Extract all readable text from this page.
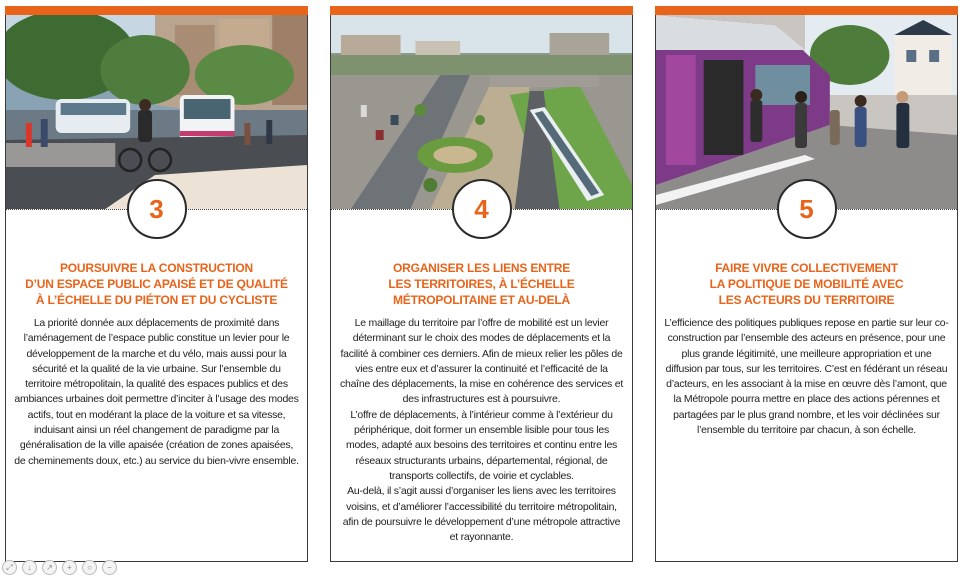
3
POURSUIVRE LA CONSTRUCTION
D’UN ESPACE PUBLIC APAISÉ ET DE QUALITÉ
À L’ÉCHELLE DU PIÉTON ET DU CYCLISTE

La priorité donnée aux déplacements de proximité dans l’aménagement de l’espace public constitue un levier pour le développement de la marche et du vélo, mais aussi pour la sécurité et la qualité de la vie urbaine. Sur l’ensemble du territoire métropolitain, la qualité des espaces publics et des ambiances urbaines doit permettre d’inciter à l’usage des modes actifs, tout en modérant la place de la voiture et sa vitesse, induisant ainsi un réel changement de paradigme par la généralisation de la ville apaisée (création de zones apaisées, de cheminements doux, etc.) au service du bien-vivre ensemble.

4
ORGANISER LES LIENS ENTRE
LES TERRITOIRES, À L’ÉCHELLE
MÉTROPOLITAINE ET AU-DELÀ

Le maillage du territoire par l’offre de mobilité est un levier déterminant sur le choix des modes de déplacements et la facilité à combiner ces derniers. Afin de mieux relier les pôles de vies entre eux et d’assurer la continuité et l’efficacité de la chaîne des déplacements, la mise en cohérence des services et des infrastructures est à poursuivre.

L’offre de déplacements, à l’intérieur comme à l’extérieur du périphérique, doit former un ensemble lisible pour tous les modes, adapté aux besoins des territoires et continu entre les réseaux structurants urbains, départemental, régional, de transports collectifs, de voirie et cyclables.

Au-delà, il s’agit aussi d’organiser les liens avec les territoires voisins, et d’améliorer l’accessibilité du territoire métropolitain, afin de poursuivre le développement d’une métropole attractive et rayonnante.

5
FAIRE VIVRE COLLECTIVEMENT
LA POLITIQUE DE MOBILITÉ AVEC
LES ACTEURS DU TERRITOIRE

L’efficience des politiques publiques repose en partie sur leur co-construction par l’ensemble des acteurs en présence, pour une plus grande légitimité, une meilleure appropriation et une diffusion par tous, sur les territoires. C’est en fédérant un réseau d’acteurs, en les associant à la mise en œuvre dès l’amont, que la Métropole pourra mettre en place des actions pérennes et partagées par le plus grand nombre, et les voir déclinées sur l’ensemble du territoire par chacun, à son échelle.

⤢	↓	↗	+	○	−
